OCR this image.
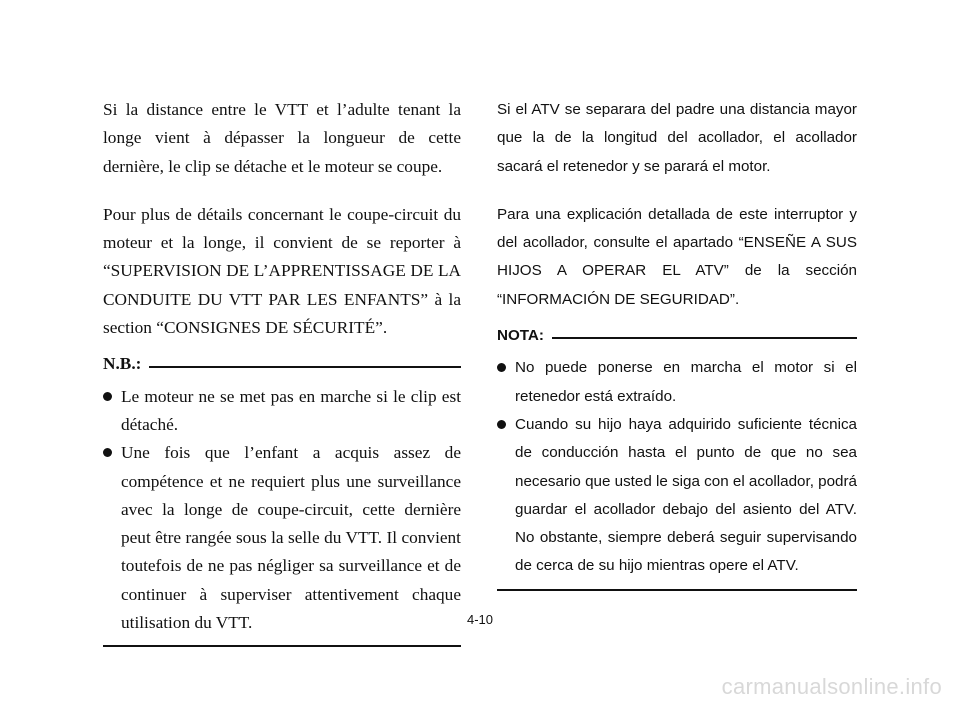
Si la distance entre le VTT et l’adulte tenant la longe vient à dépasser la longueur de cette dernière, le clip se détache et le moteur se coupe.

Pour plus de détails concernant le coupe-circuit du moteur et la longe, il convient de se reporter à “SUPERVISION DE L’APPRENTISSAGE DE LA CONDUITE DU VTT PAR LES ENFANTS” à la section “CONSIGNES DE SÉCURITÉ”.

N.B.:
Le moteur ne se met pas en marche si le clip est détaché.
Une fois que l’enfant a acquis assez de compétence et ne requiert plus une surveillance avec la longe de coupe-circuit, cette dernière peut être rangée sous la selle du VTT. Il convient toutefois de ne pas négliger sa surveillance et de continuer à superviser attentivement chaque utilisation du VTT.

Si el ATV se separara del padre una distancia mayor que la de la longitud del acollador, el acollador sacará el retenedor y se parará el motor.

Para una explicación detallada de este interruptor y del acollador, consulte el apartado “ENSEÑE A SUS HIJOS A OPERAR EL ATV” de la sección “INFORMACIÓN DE SEGURIDAD”.

NOTA:
No puede ponerse en marcha el motor si el retenedor está extraído.
Cuando su hijo haya adquirido suficiente técnica de conducción hasta el punto de que no sea necesario que usted le siga con el acollador, podrá guardar el acollador debajo del asiento del ATV. No obstante, siempre deberá seguir supervisando de cerca de su hijo mientras opere el ATV.
4-10
carmanualsonline.info
